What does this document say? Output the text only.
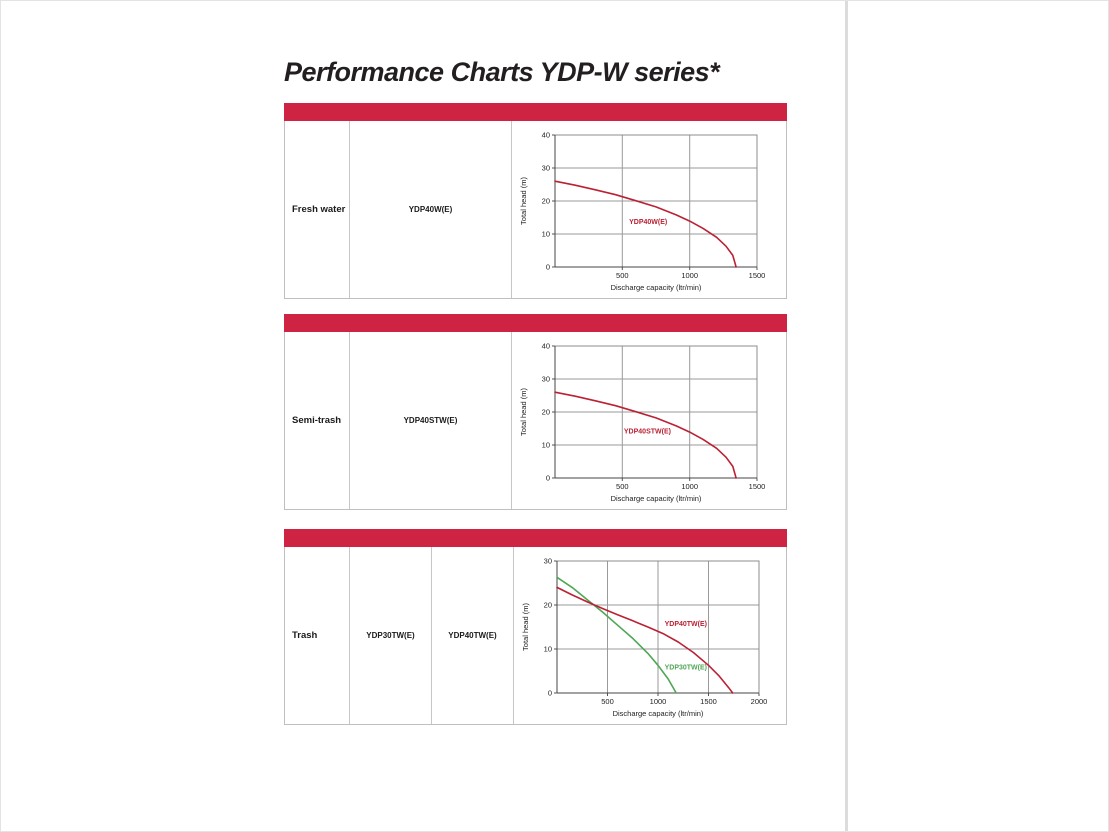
Performance Charts YDP-W series*
Fresh water	YDP40W(E)
500	1000	1500
0
10
20
30
40
YDP40W(E)
Discharge capacity (ltr/min)
Total head (m)
Semi-trash	YDP40STW(E)
500	1000	1500
0
10
20
30
40
YDP40STW(E)
Discharge capacity (ltr/min)
Total head (m)
Trash	YDP30TW(E)	YDP40TW(E)
500	1000	1500	2000
0
10
20
30
YDP30TW(E)
YDP40TW(E)
Discharge capacity (ltr/min)
Total head (m)
